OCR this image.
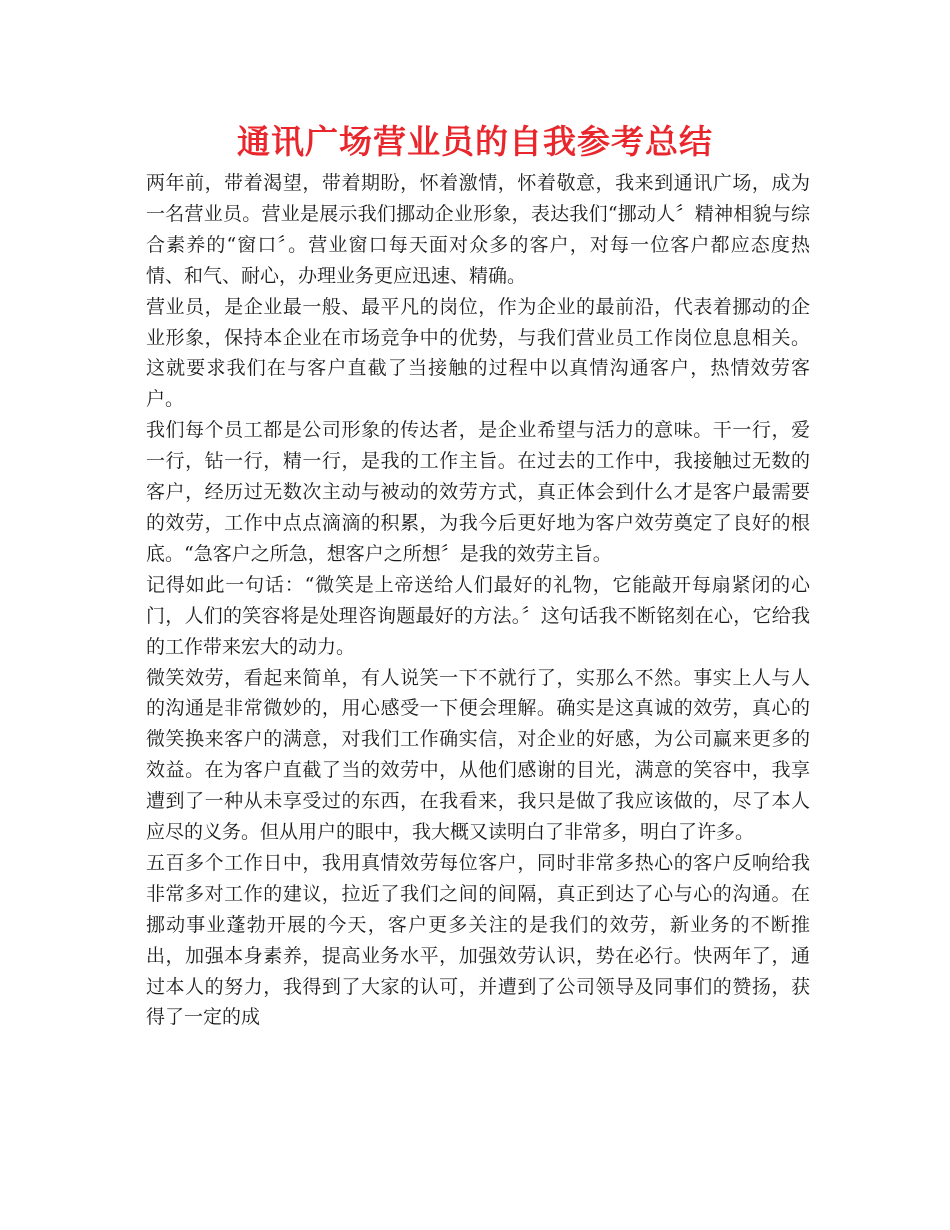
通讯广场营业员的自我参考总结

两年前，带着渴望，带着期盼，怀着激情，怀着敬意，我来到通讯广场，成为一名营业员。营业是展示我们挪动企业形象，表达我们“挪动人〞精神相貌与综合素养的“窗口〞。营业窗口每天面对众多的客户，对每一位客户都应态度热情、和气、耐心，办理业务更应迅速、精确。

营业员，是企业最一般、最平凡的岗位，作为企业的最前沿，代表着挪动的企业形象，保持本企业在市场竞争中的优势，与我们营业员工作岗位息息相关。这就要求我们在与客户直截了当接触的过程中以真情沟通客户，热情效劳客户。

我们每个员工都是公司形象的传达者，是企业希望与活力的意味。干一行，爱一行，钻一行，精一行，是我的工作主旨。在过去的工作中，我接触过无数的客户，经历过无数次主动与被动的效劳方式，真正体会到什么才是客户最需要的效劳，工作中点点滴滴的积累，为我今后更好地为客户效劳奠定了良好的根底。“急客户之所急，想客户之所想〞是我的效劳主旨。

记得如此一句话：“微笑是上帝送给人们最好的礼物，它能敲开每扇紧闭的心门，人们的笑容将是处理咨询题最好的方法。〞这句话我不断铭刻在心，它给我的工作带来宏大的动力。

微笑效劳，看起来简单，有人说笑一下不就行了，实那么不然。事实上人与人的沟通是非常微妙的，用心感受一下便会理解。确实是这真诚的效劳，真心的微笑换来客户的满意，对我们工作确实信，对企业的好感，为公司赢来更多的效益。在为客户直截了当的效劳中，从他们感谢的目光，满意的笑容中，我享遭到了一种从未享受过的东西，在我看来，我只是做了我应该做的，尽了本人应尽的义务。但从用户的眼中，我大概又读明白了非常多，明白了许多。

五百多个工作日中，我用真情效劳每位客户，同时非常多热心的客户反响给我非常多对工作的建议，拉近了我们之间的间隔，真正到达了心与心的沟通。在挪动事业蓬勃开展的今天，客户更多关注的是我们的效劳，新业务的不断推出，加强本身素养，提高业务水平，加强效劳认识，势在必行。快两年了，通过本人的努力，我得到了大家的认可，并遭到了公司领导及同事们的赞扬，获得了一定的成
